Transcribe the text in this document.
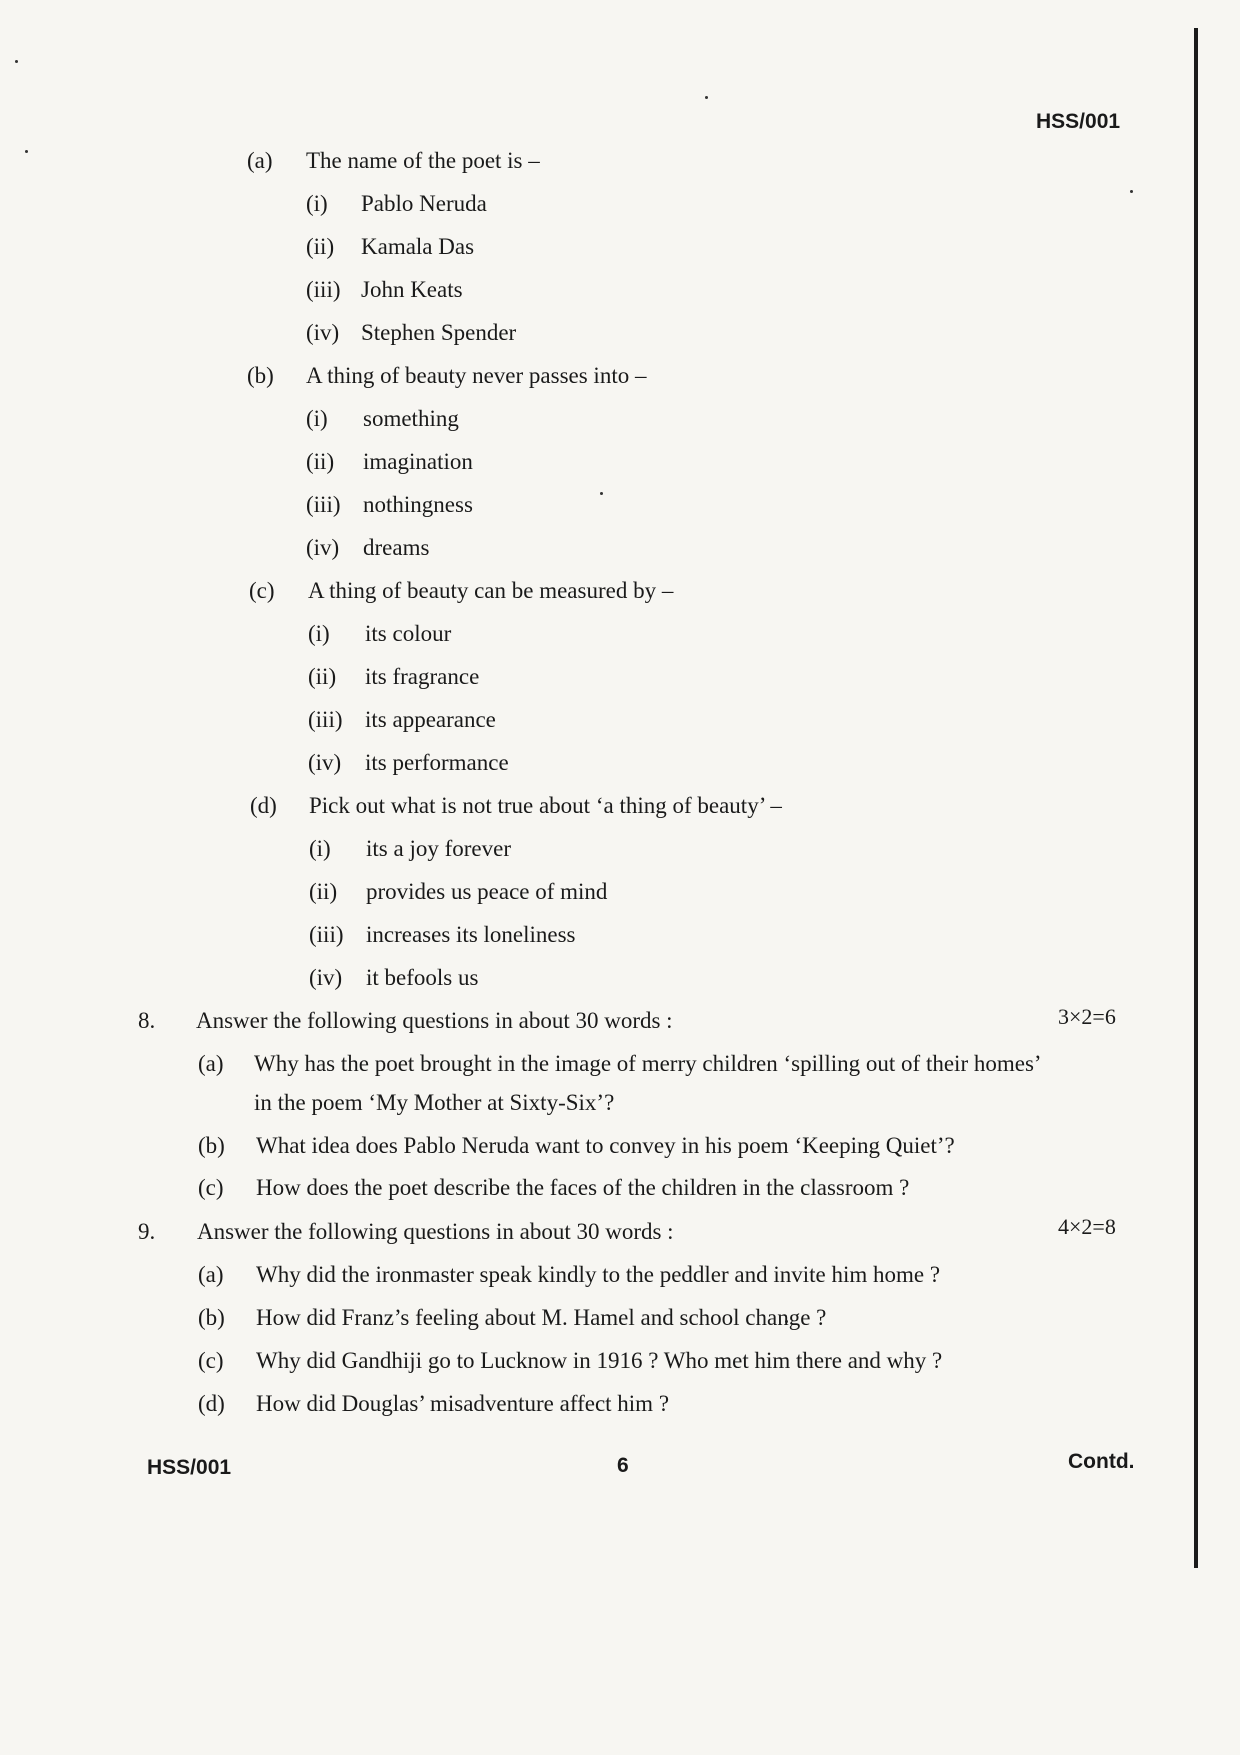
HSS/001
(a) The name of the poet is –
(i) Pablo Neruda
(ii) Kamala Das
(iii) John Keats
(iv) Stephen Spender
(b) A thing of beauty never passes into –
(i) something
(ii) imagination
(iii) nothingness
(iv) dreams
(c) A thing of beauty can be measured by –
(i) its colour
(ii) its fragrance
(iii) its appearance
(iv) its performance
(d) Pick out what is not true about ‘a thing of beauty’ –
(i) its a joy forever
(ii) provides us peace of mind
(iii) increases its loneliness
(iv) it befools us
8. Answer the following questions in about 30 words :	3×2=6
(a) Why has the poet brought in the image of merry children ‘spilling out of their homes’
in the poem ‘My Mother at Sixty-Six’?
(b) What idea does Pablo Neruda want to convey in his poem ‘Keeping Quiet’?
(c) How does the poet describe the faces of the children in the classroom ?
9. Answer the following questions in about 30 words :	4×2=8
(a) Why did the ironmaster speak kindly to the peddler and invite him home ?
(b) How did Franz’s feeling about M. Hamel and school change ?
(c) Why did Gandhiji go to Lucknow in 1916 ? Who met him there and why ?
(d) How did Douglas’ misadventure affect him ?
HSS/001	6	Contd.
